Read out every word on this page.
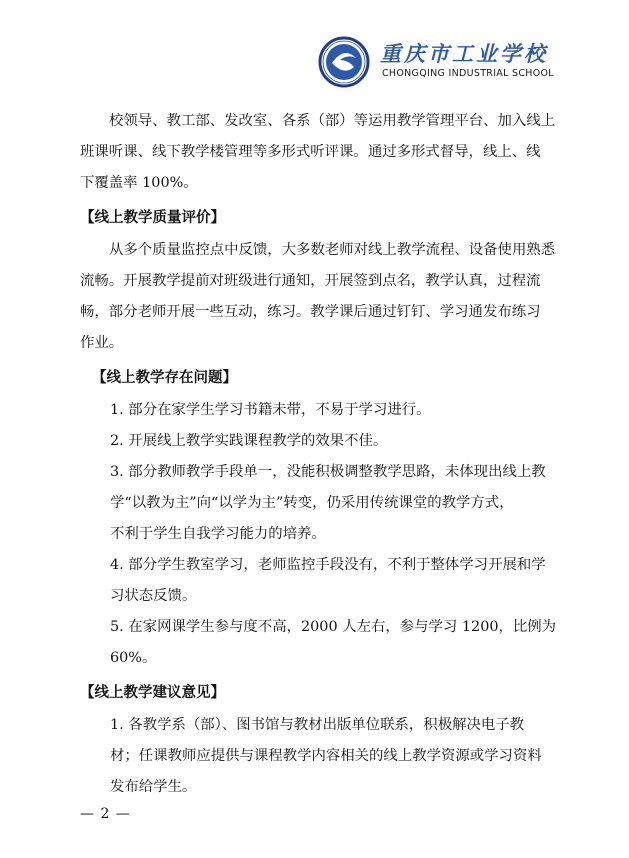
重庆市工业学校
CHONGQING INDUSTRIAL SCHOOL

校领导、教工部、发改室、各系（部）等运用教学管理平台、加入线上

班课听课、线下教学楼管理等多形式听评课。通过多形式督导，线上、线

下覆盖率 100%。

【线上教学质量评价】

从多个质量监控点中反馈，大多数老师对线上教学流程、设备使用熟悉

流畅。开展教学提前对班级进行通知，开展签到点名，教学认真，过程流

畅，部分老师开展一些互动，练习。教学课后通过钉钉、学习通发布练习

作业。

【线上教学存在问题】

1. 部分在家学生学习书籍未带，不易于学习进行。

2. 开展线上教学实践课程教学的效果不佳。

3. 部分教师教学手段单一，没能积极调整教学思路，未体现出线上教

学“以教为主”向“以学为主”转变，仍采用传统课堂的教学方式，

不利于学生自我学习能力的培养。

4. 部分学生教室学习，老师监控手段没有，不利于整体学习开展和学

习状态反馈。

5. 在家网课学生参与度不高，2000 人左右，参与学习 1200，比例为

60%。

【线上教学建议意见】

1. 各教学系（部）、图书馆与教材出版单位联系，积极解决电子教

材；任课教师应提供与课程教学内容相关的线上教学资源或学习资料

发布给学生。

— 2 —
